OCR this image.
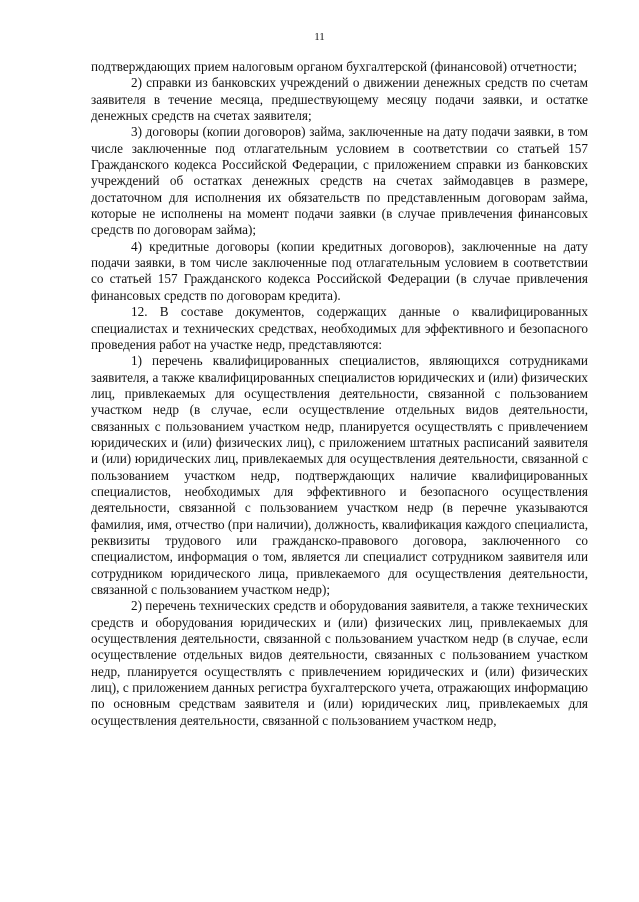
11

подтверждающих прием налоговым органом бухгалтерской (финансовой) отчетности;

2) справки из банковских учреждений о движении денежных средств по счетам заявителя в течение месяца, предшествующему месяцу подачи заявки, и остатке денежных средств на счетах заявителя;

3) договоры (копии договоров) займа, заключенные на дату подачи заявки, в том числе заключенные под отлагательным условием в соответствии со статьей 157 Гражданского кодекса Российской Федерации, с приложением справки из банковских учреждений об остатках денежных средств на счетах займодавцев в размере, достаточном для исполнения их обязательств по представленным договорам займа, которые не исполнены на момент подачи заявки (в случае привлечения финансовых средств по договорам займа);

4) кредитные договоры (копии кредитных договоров), заключенные на дату подачи заявки, в том числе заключенные под отлагательным условием в соответствии со статьей 157 Гражданского кодекса Российской Федерации (в случае привлечения финансовых средств по договорам кредита).

12. В составе документов, содержащих данные о квалифицированных специалистах и технических средствах, необходимых для эффективного и безопасного проведения работ на участке недр, представляются:

1) перечень квалифицированных специалистов, являющихся сотрудниками заявителя, а также квалифицированных специалистов юридических и (или) физических лиц, привлекаемых для осуществления деятельности, связанной с пользованием участком недр (в случае, если осуществление отдельных видов деятельности, связанных с пользованием участком недр, планируется осуществлять с привлечением юридических и (или) физических лиц), с приложением штатных расписаний заявителя и (или) юридических лиц, привлекаемых для осуществления деятельности, связанной с пользованием участком недр, подтверждающих наличие квалифицированных специалистов, необходимых для эффективного и безопасного осуществления деятельности, связанной с пользованием участком недр (в перечне указываются фамилия, имя, отчество (при наличии), должность, квалификация каждого специалиста, реквизиты трудового или гражданско-правового договора, заключенного со специалистом, информация о том, является ли специалист сотрудником заявителя или сотрудником юридического лица, привлекаемого для осуществления деятельности, связанной с пользованием участком недр);

2) перечень технических средств и оборудования заявителя, а также технических средств и оборудования юридических и (или) физических лиц, привлекаемых для осуществления деятельности, связанной с пользованием участком недр (в случае, если осуществление отдельных видов деятельности, связанных с пользованием участком недр, планируется осуществлять с привлечением юридических и (или) физических лиц), с приложением данных регистра бухгалтерского учета, отражающих информацию по основным средствам заявителя и (или) юридических лиц, привлекаемых для осуществления деятельности, связанной с пользованием участком недр,
